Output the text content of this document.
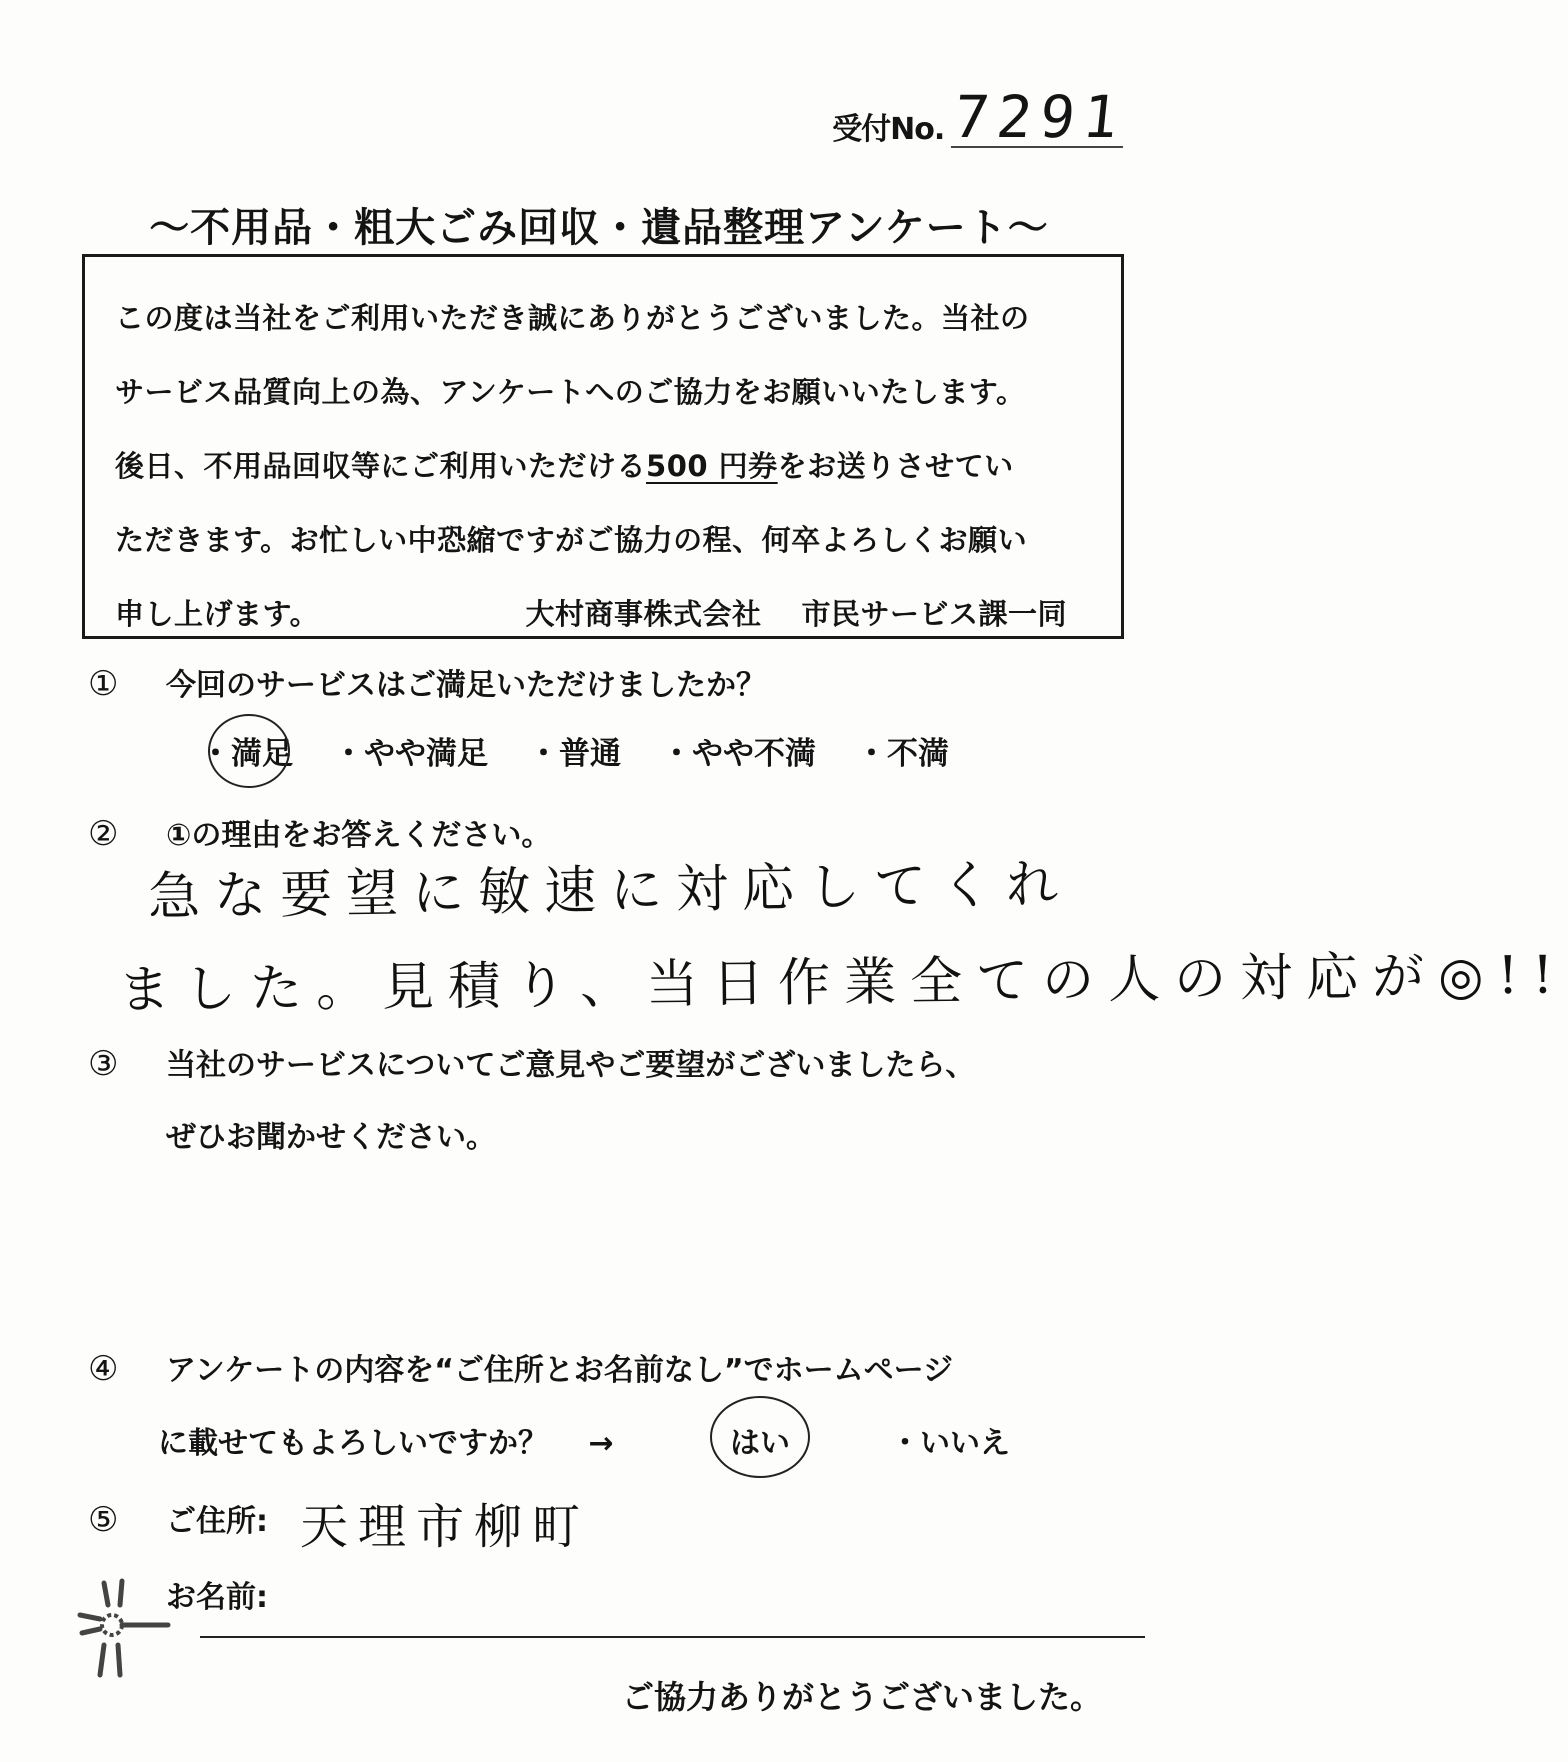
受付No. 7291
～不用品・粗大ごみ回収・遺品整理アンケート～

この度は当社をご利用いただき誠にありがとうございました。当社の

サービス品質向上の為、アンケートへのご協力をお願いいたします。

後日、不用品回収等にご利用いただける500 円券をお送りさせてい

ただきます。お忙しい中恐縮ですがご協力の程、何卒よろしくお願い

申し上げます。	大村商事株式会社 市民サービス課一同

① 今回のサービスはご満足いただけましたか？
・満足 ・やや満足 ・普通 ・やや不満 ・不満
② ①の理由をお答えください。
急な要望に敏速に対応してくれ
ました。見積り、当日作業全ての人の対応が◎!!
③ 当社のサービスについてご意見やご要望がございましたら、
ぜひお聞かせください。
④ アンケートの内容を“ご住所とお名前なし”でホームページ
に載せてもよろしいですか？ →	はい	・いいえ
⑤ ご住所: 天理市柳町
お名前:
ご協力ありがとうございました。
